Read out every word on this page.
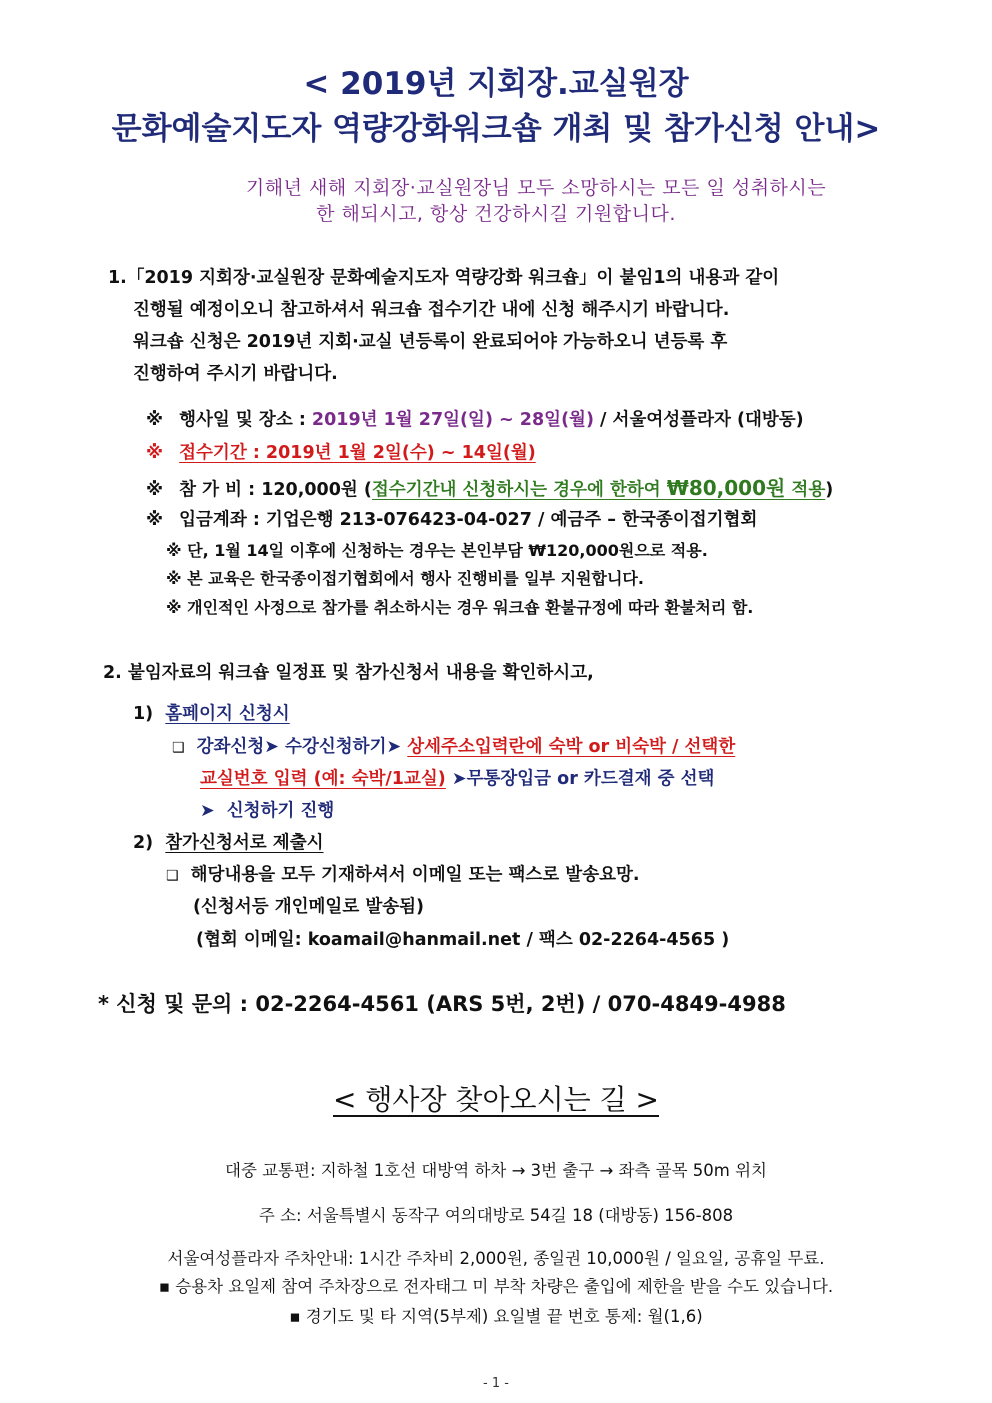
< 2019년 지회장.교실원장
문화예술지도자 역량강화워크숍 개최 및 참가신청 안내>
기해년 새해 지회장·교실원장님 모두 소망하시는 모든 일 성취하시는
한 해되시고, 항상 건강하시길 기원합니다.
1.「2019 지회장·교실원장 문화예술지도자 역량강화 워크숍」이 붙임1의 내용과 같이
진행될 예정이오니 참고하셔서 워크숍 접수기간 내에 신청 해주시기 바랍니다.
워크숍 신청은 2019년 지회·교실 년등록이 완료되어야 가능하오니 년등록 후
진행하여 주시기 바랍니다.
※ 행사일 및 장소 : 2019년 1월 27일(일) ~ 28일(월) / 서울여성플라자 (대방동)
※ 접수기간 : 2019년 1월 2일(수) ~ 14일(월)
※ 참 가 비 : 120,000원 (접수기간내 신청하시는 경우에 한하여 ₩80,000원 적용)
※ 입금계좌 : 기업은행 213-076423-04-027 / 예금주 – 한국종이접기협회
※ 단, 1월 14일 이후에 신청하는 경우는 본인부담 ₩120,000원으로 적용.
※ 본 교육은 한국종이접기협회에서 행사 진행비를 일부 지원합니다.
※ 개인적인 사정으로 참가를 취소하시는 경우 워크숍 환불규정에 따라 환불처리 함.
2. 붙임자료의 워크숍 일정표 및 참가신청서 내용을 확인하시고,
1) 홈페이지 신청시
❑ 강좌신청➤ 수강신청하기➤ 상세주소입력란에 숙박 or 비숙박 / 선택한
교실번호 입력 (예: 숙박/1교실) ➤무통장입금 or 카드결재 중 선택
➤ 신청하기 진행
2) 참가신청서로 제출시
❑ 해당내용을 모두 기재하셔서 이메일 또는 팩스로 발송요망.
(신청서등 개인메일로 발송됨)
(협회 이메일: koamail@hanmail.net / 팩스 02-2264-4565 )
* 신청 및 문의 : 02-2264-4561 (ARS 5번, 2번) / 070-4849-4988
< 행사장 찾아오시는 길 >
대중 교통편: 지하철 1호선 대방역 하차 → 3번 출구 → 좌측 골목 50m 위치
주 소: 서울특별시 동작구 여의대방로 54길 18 (대방동) 156-808
서울여성플라자 주차안내: 1시간 주차비 2,000원, 종일권 10,000원 / 일요일, 공휴일 무료.
▪ 승용차 요일제 참여 주차장으로 전자태그 미 부착 차량은 출입에 제한을 받을 수도 있습니다.
▪ 경기도 및 타 지역(5부제) 요일별 끝 번호 통제: 월(1,6)
- 1 -
